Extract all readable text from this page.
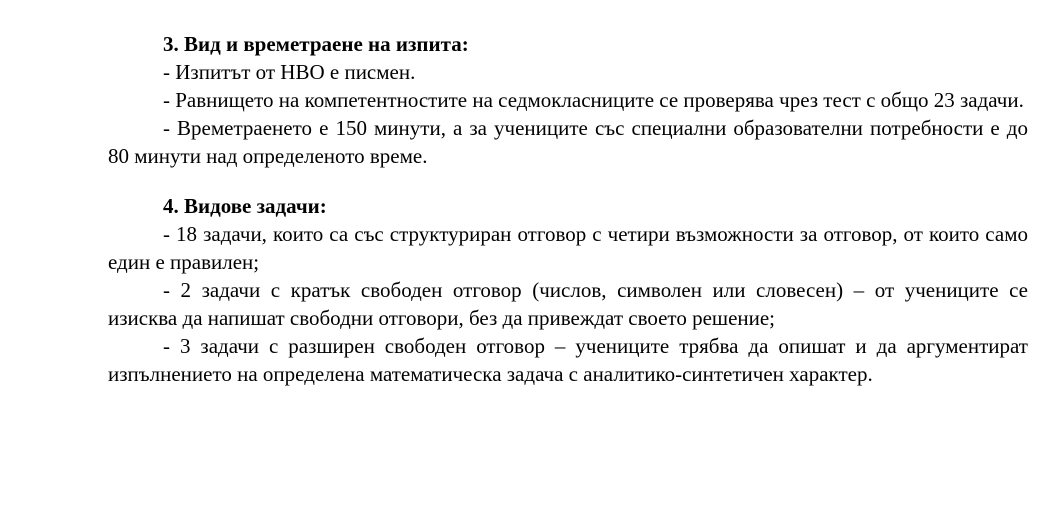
3. Вид и времетраене на изпита:

- Изпитът от НВО е писмен.

- Равнището на компетентностите на седмокласниците се проверява чрез тест с общо 23 задачи.

- Времетраенето е 150 минути, а за учениците със специални образователни потребности е до 80 минути над определеното време.

4. Видове задачи:

- 18 задачи, които са със структуриран отговор с четири възможности за отговор, от които само един е правилен;

- 2 задачи с кратък свободен отговор (числов, символен или словесен) – от учениците се изисква да напишат свободни отговори, без да привеждат своето решение;

- 3 задачи с разширен свободен отговор – учениците трябва да опишат и да аргументират изпълнението на определена математическа задача с аналитико-синтетичен характер.
